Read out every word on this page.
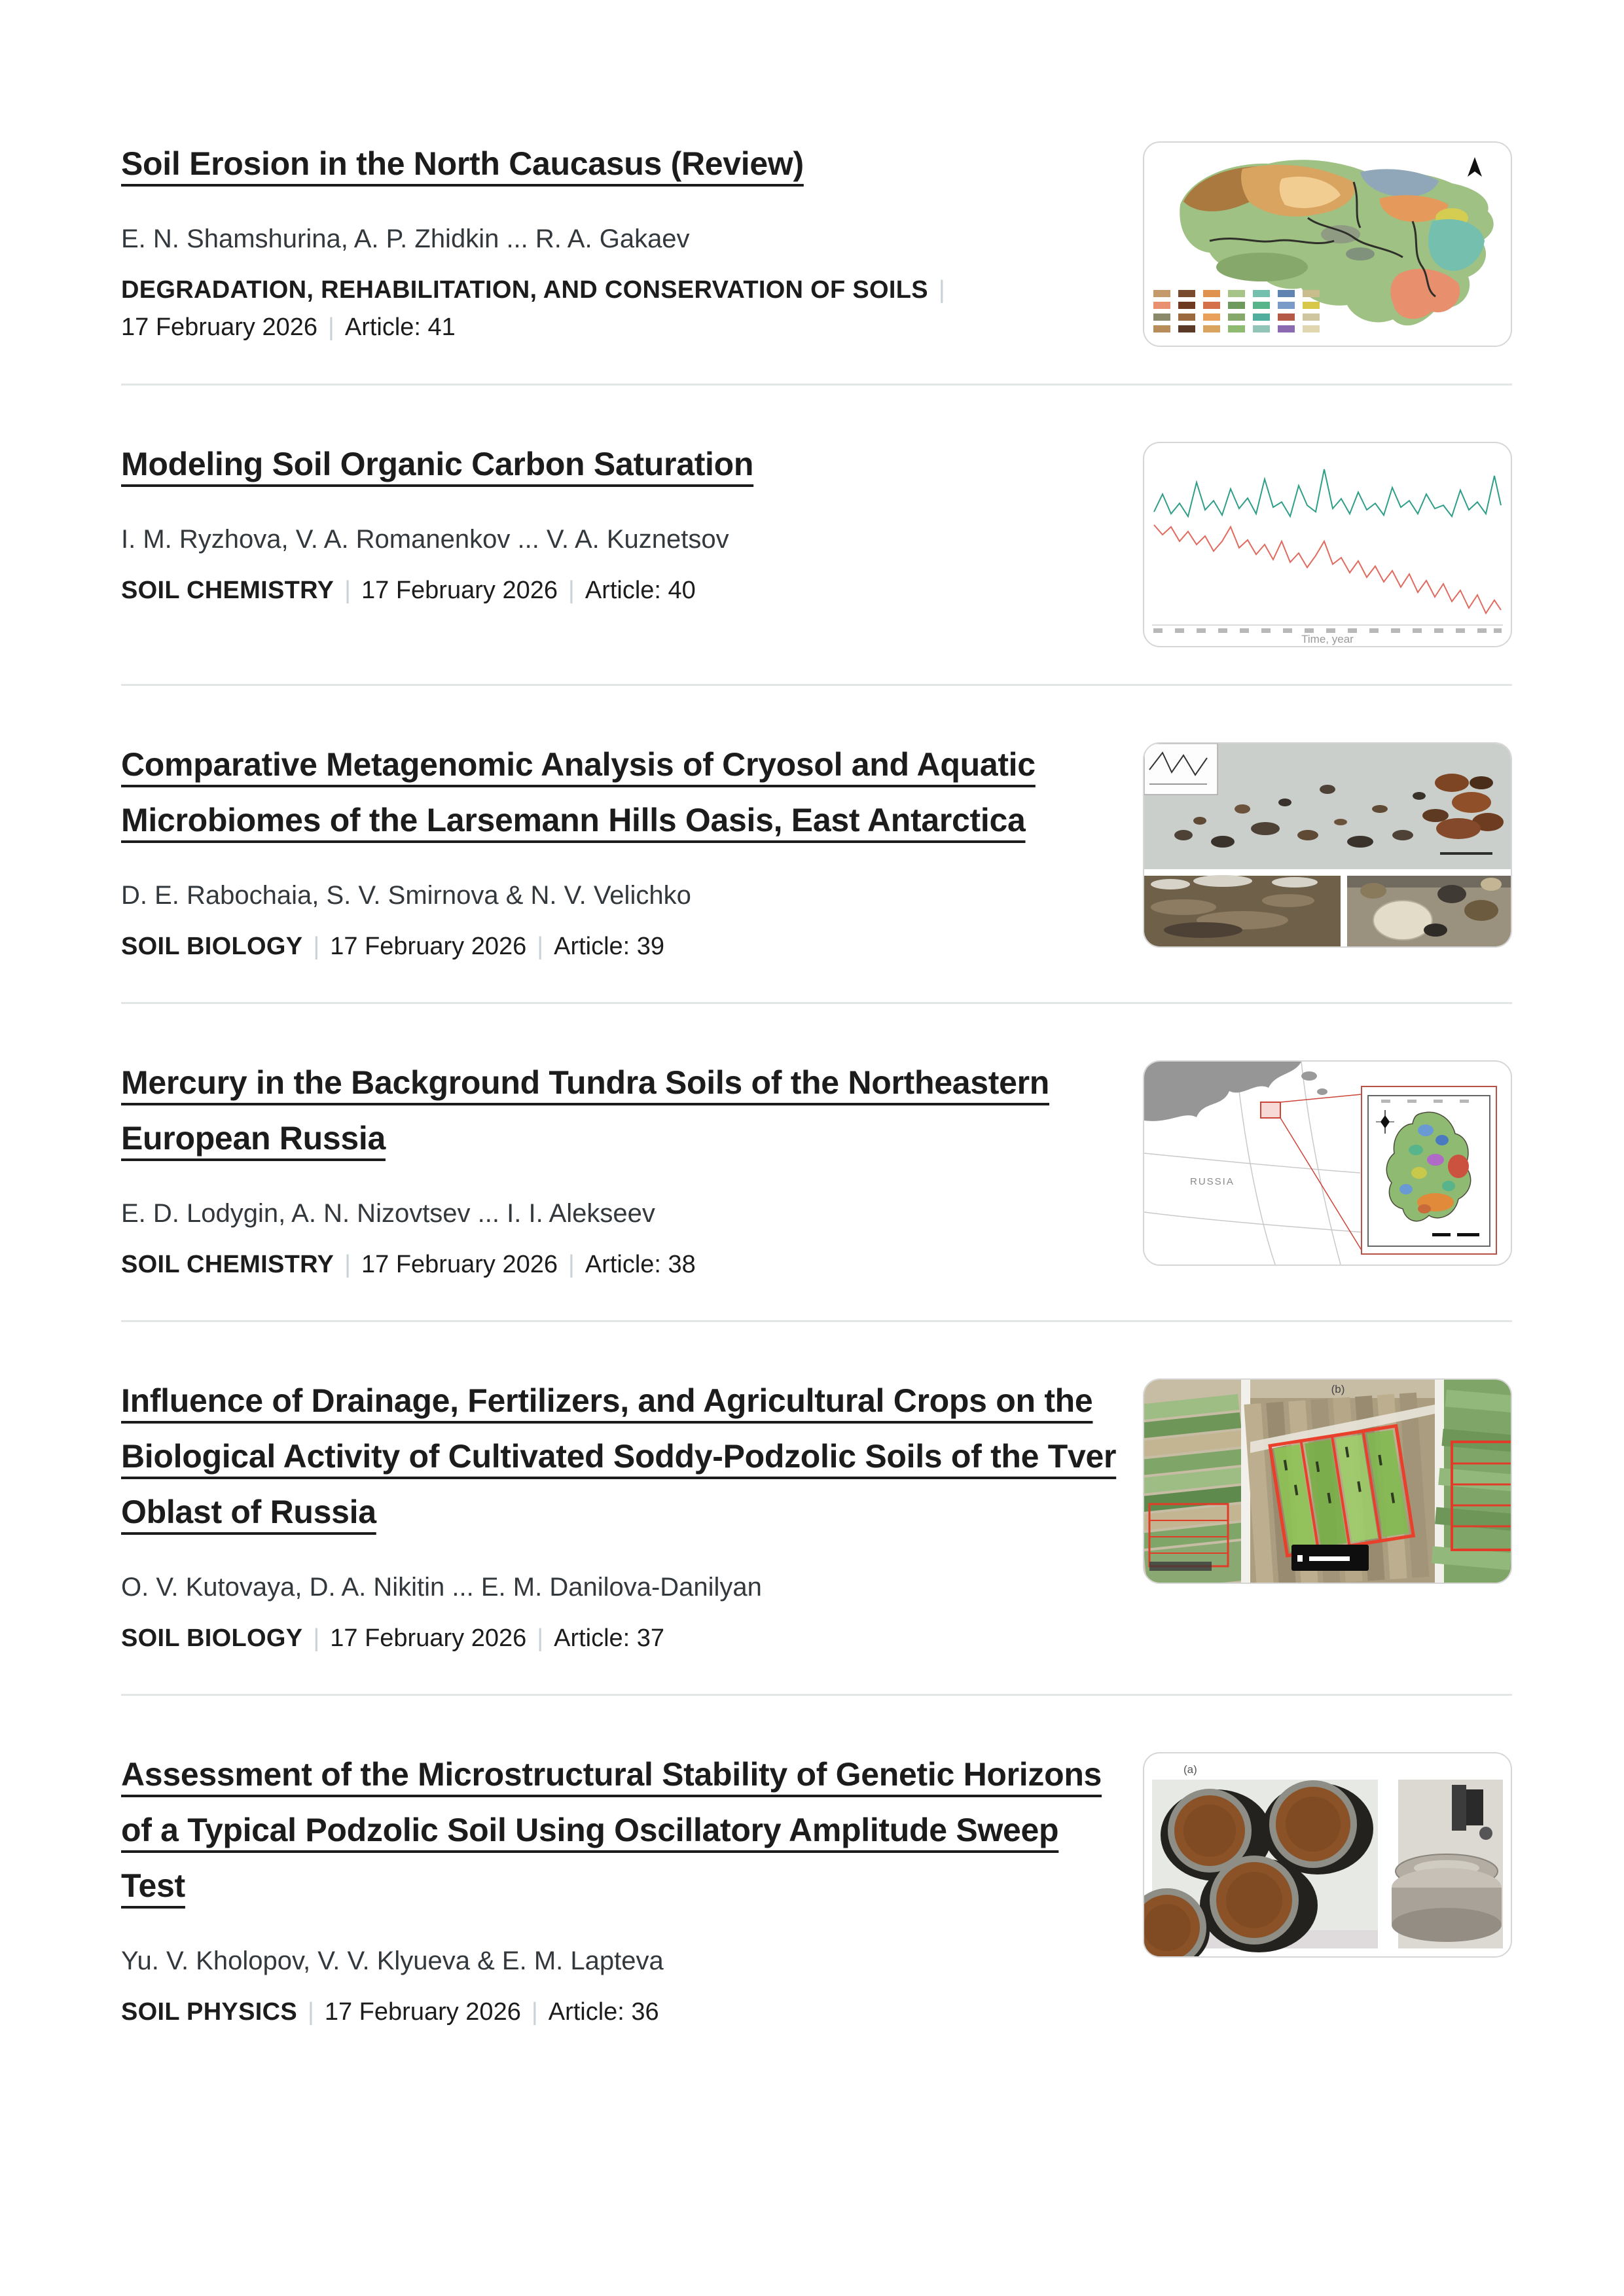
Soil Erosion in the North Caucasus (Review)

E. N. Shamshurina, A. P. Zhidkin ... R. A. Gakaev
DEGRADATION, REHABILITATION, AND CONSERVATION OF SOILS |
17 February 2026 | Article: 41

Modeling Soil Organic Carbon Saturation

I. M. Ryzhova, V. A. Romanenkov ... V. A. Kuznetsov
SOIL CHEMISTRY | 17 February 2026 | Article: 40
Time, year

Comparative Metagenomic Analysis of Cryosol and Aquatic Microbiomes of the Larsemann Hills Oasis, East Antarctica

D. E. Rabochaia, S. V. Smirnova & N. V. Velichko
SOIL BIOLOGY | 17 February 2026 | Article: 39

Mercury in the Background Tundra Soils of the Northeastern European Russia

E. D. Lodygin, A. N. Nizovtsev ... I. I. Alekseev
SOIL CHEMISTRY | 17 February 2026 | Article: 38
RUSSIA

Influence of Drainage, Fertilizers, and Agricultural Crops on the Biological Activity of Cultivated Soddy-Podzolic Soils of the Tver Oblast of Russia

O. V. Kutovaya, D. A. Nikitin ... E. M. Danilova-Danilyan
SOIL BIOLOGY | 17 February 2026 | Article: 37
(b)

Assessment of the Microstructural Stability of Genetic Horizons of a Typical Podzolic Soil Using Oscillatory Amplitude Sweep Test

Yu. V. Kholopov, V. V. Klyueva & E. M. Lapteva
SOIL PHYSICS | 17 February 2026 | Article: 36
(a)
